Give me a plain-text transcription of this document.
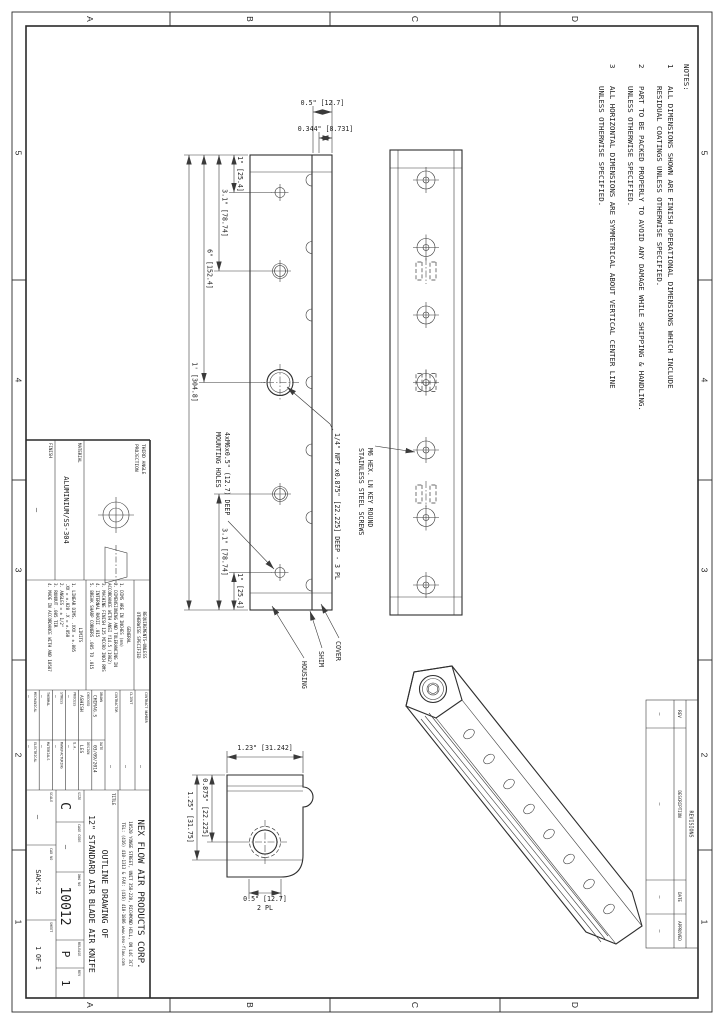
5
4
3
2
1
5
4
3
2
1
D
C
B
A
D
C
B
A
NOTES:
1
ALL DIMENSIONS SHOWN ARE FINISH OPERATIONAL DIMENSIONS WHICH INCLUDE
RESIDUAL COATINGS UNLESS OTHERWISE SPECIFIED.
2
PART TO BE PACKED PROPERLY TO AVOID ANY DAMAGE WHILE SHIPPING & HANDLING.
UNLESS OTHERWISE SPECIFIED.
3
ALL HORIZONTAL DIMENSIONS ARE SYMMETRICAL ABOUT VERTICAL CENTER LINE
UNLESS OTHERWISE SPECIFIED.
REVISIONS
REV
DESCRIPTION
DATE
APPROVED
—
—
—
—
M6 HEX. LN KEY ROUND
STAINLESS STEEL SCREWS
1/4" NPT x0.875" [22.225] DEEP - 3 PL
4xM6x0.5" (12.7) DEEP
MOUNTING HOLES
COVER
SHIM
HOUSING
1" [25.4]
3.1" [78.74]
6" [152.4]
1' [304.8]
3.1" [78.74]
1" [25.4]
0.5" [12.7]
0.344" [8.731]
1.23" [31.242]
0.875" [22.225]
1.25" [31.75]
0.5" [12.7]
2 PL
THIRD ANGLE
PROJECTION
MATERIAL
ALUMINIUM/SS-304
FINISH
—
REQUIREMENTS—UNLESS
OTHERWISE SPECIFIED
GENERAL
1. DIMS ARE IN INCHES (mm)
2. DIMENSIONING AND TOLERANCING IN
ACCORDANCE WITH ANSI Y14.5 (1982)
3. MACHINE FINISH 125 MICRO INCH RMS
4. INTERNAL RADII .015
5. BREAK SHARP CORNERS .005 TO .015
LIMITS
1. LINEAR DIMS. .XXX = ±.005
.XX = ±.020 .X = ±.050
2. ANGLES = ± 1/2°
3. RUNOUT .005 TIR
4. MADE IN ACCORDANCE WITH AND 10587
CONTRACT NUMBER
—
CLIENT
—
CONTRACTOR
—
DRAWN
CHIRAG.S
DATE
03/09/2014
CHECKED
ASHISH
DESIGN
LES
PROCESS
—
Q.A.
—
STRESS
—
MANUFACTURING
—
THERMAL
—
MATERIALS
—
MECHANICAL
—
ELECTRICAL
—
NEX FLOW AIR PRODUCTS CORP.
10520 YONGE STREET, UNIT 35B-220, RICHMOND HILL, ON L4C 3C7
TEL: (416) 410-1313 & FAX: (416) 410-1806 www.nex-flow.com
TITLE
OUTLINE DRAWING OF
12" STANDARD AIR BLADE AIR KNIFE
SIZE
C
CAGE CODE
—
DWG NO
10012
RELEASE
P
REV
1
SCALE
—
CAD NO
SAK-12
SHEET
1 OF 1
